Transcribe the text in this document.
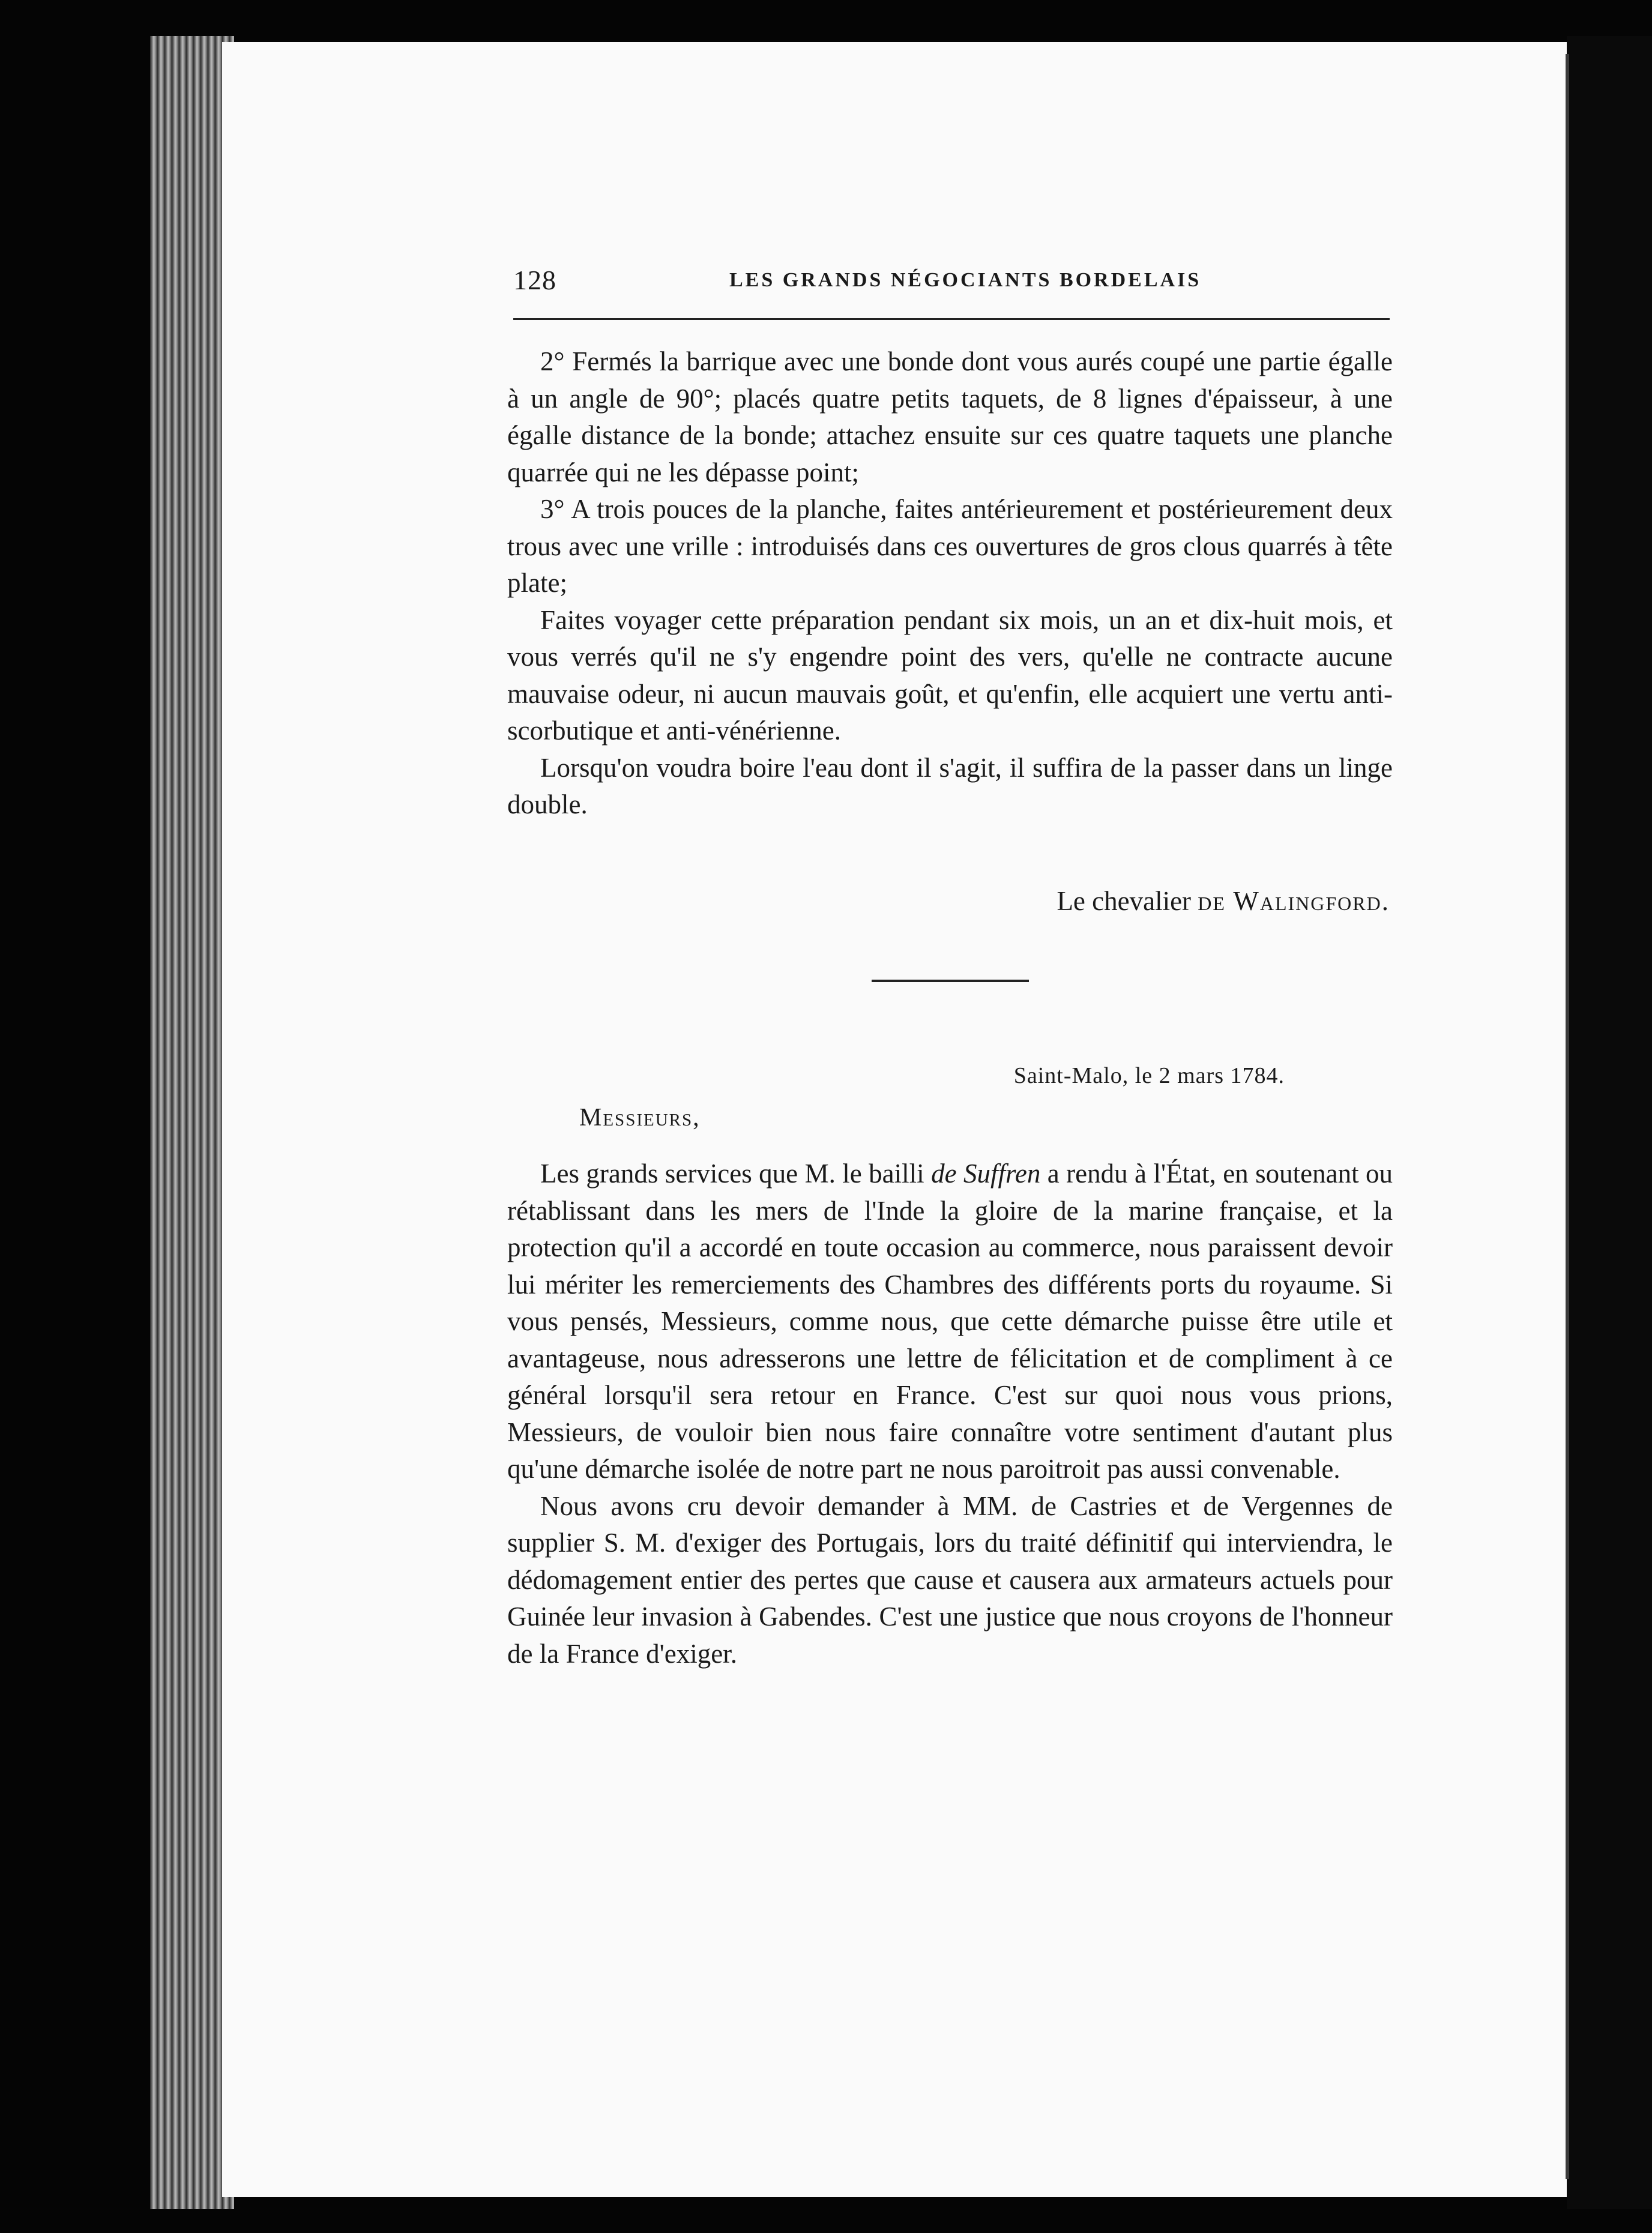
128	LES GRANDS NÉGOCIANTS BORDELAIS

2° Fermés la barrique avec une bonde dont vous aurés coupé une partie égalle à un angle de 90°; placés quatre petits taquets, de 8 lignes d'épaisseur, à une égalle distance de la bonde; attachez ensuite sur ces quatre taquets une planche quarrée qui ne les dépasse point;

3° A trois pouces de la planche, faites antérieurement et postérieurement deux trous avec une vrille : introduisés dans ces ouvertures de gros clous quarrés à tête plate;

Faites voyager cette préparation pendant six mois, un an et dix-huit mois, et vous verrés qu'il ne s'y engendre point des vers, qu'elle ne contracte aucune mauvaise odeur, ni aucun mauvais goût, et qu'enfin, elle acquiert une vertu anti-scorbutique et anti-vénérienne.

Lorsqu'on voudra boire l'eau dont il s'agit, il suffira de la passer dans un linge double.

Le chevalier de Walingford.
Saint-Malo, le 2 mars 1784.
Messieurs,

Les grands services que M. le bailli de Suffren a rendu à l'État, en soutenant ou rétablissant dans les mers de l'Inde la gloire de la marine française, et la protection qu'il a accordé en toute occasion au commerce, nous paraissent devoir lui mériter les remerciements des Chambres des différents ports du royaume. Si vous pensés, Messieurs, comme nous, que cette démarche puisse être utile et avantageuse, nous adresserons une lettre de félicitation et de compliment à ce général lorsqu'il sera retour en France. C'est sur quoi nous vous prions, Messieurs, de vouloir bien nous faire connaître votre sentiment d'autant plus qu'une démarche isolée de notre part ne nous paroitroit pas aussi convenable.

Nous avons cru devoir demander à MM. de Castries et de Vergennes de supplier S. M. d'exiger des Portugais, lors du traité définitif qui interviendra, le dédomagement entier des pertes que cause et causera aux armateurs actuels pour Guinée leur invasion à Gabendes. C'est une justice que nous croyons de l'honneur de la France d'exiger.
